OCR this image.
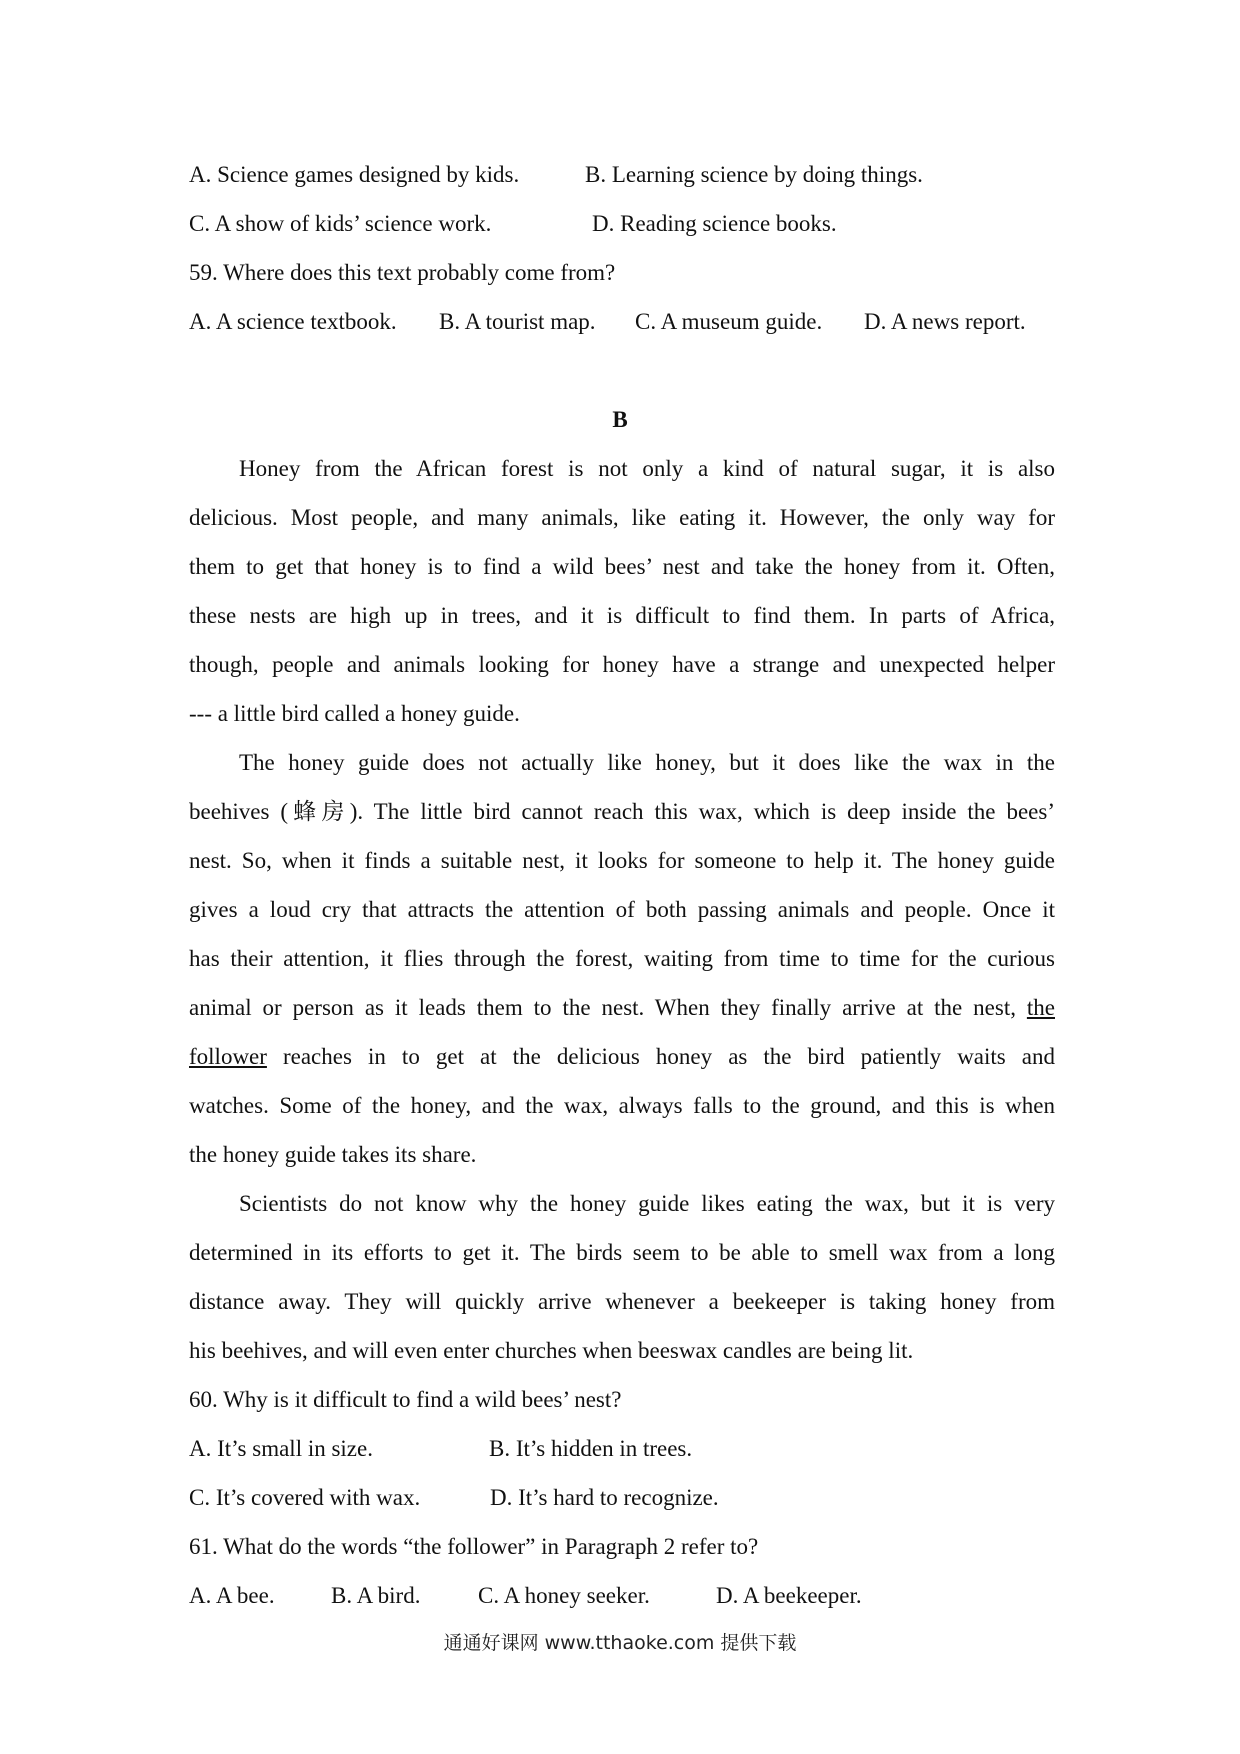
A. Science games designed by kids.	B. Learning science by doing things.
C. A show of kids’ science work.	D. Reading science books.
59. Where does this text probably come from?
A. A science textbook. B. A tourist map. C. A museum guide. D. A news report.
B
Honey from the African forest is not only a kind of natural sugar, it is also
delicious. Most people, and many animals, like eating it. However, the only way for
them to get that honey is to find a wild bees’ nest and take the honey from it. Often,
these nests are high up in trees, and it is difficult to find them. In parts of Africa,
though, people and animals looking for honey have a strange and unexpected helper
--- a little bird called a honey guide.
The honey guide does not actually like honey, but it does like the wax in the
beehives (蜂房). The little bird cannot reach this wax, which is deep inside the bees’
nest. So, when it finds a suitable nest, it looks for someone to help it. The honey guide
gives a loud cry that attracts the attention of both passing animals and people. Once it
has their attention, it flies through the forest, waiting from time to time for the curious
animal or person as it leads them to the nest. When they finally arrive at the nest, the
follower reaches in to get at the delicious honey as the bird patiently waits and
watches. Some of the honey, and the wax, always falls to the ground, and this is when
the honey guide takes its share.
Scientists do not know why the honey guide likes eating the wax, but it is very
determined in its efforts to get it. The birds seem to be able to smell wax from a long
distance away. They will quickly arrive whenever a beekeeper is taking honey from
his beehives, and will even enter churches when beeswax candles are being lit.
60. Why is it difficult to find a wild bees’ nest?
A. It’s small in size.	B. It’s hidden in trees.
C. It’s covered with wax.	D. It’s hard to recognize.
61. What do the words “the follower” in Paragraph 2 refer to?
A. A bee. B. A bird.	C. A honey seeker.	D. A beekeeper.
通通好课网 www.tthaoke.com 提供下载
